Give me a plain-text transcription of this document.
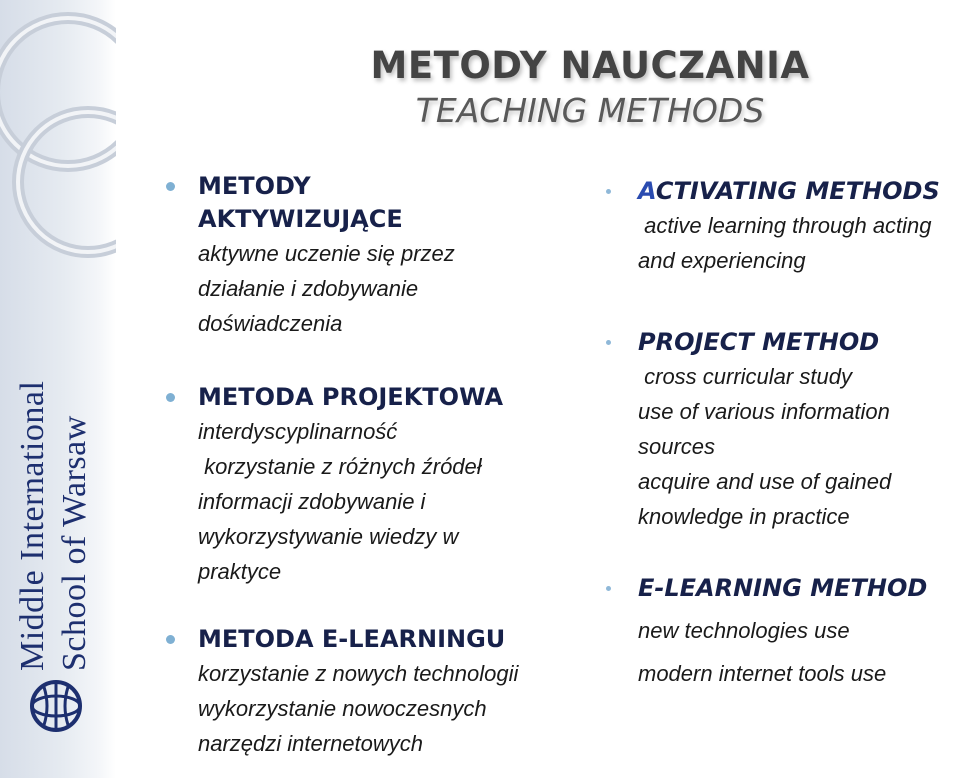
Middle International School of Warsaw
METODY NAUCZANIA
TEACHING METHODS
METODY
AKTYWIZUJĄCE
aktywne uczenie się przez
działanie i zdobywanie
doświadczenia
METODA PROJEKTOWA
interdyscyplinarność
korzystanie z różnych źródeł
informacji zdobywanie i
wykorzystywanie wiedzy w
praktyce
METODA E-LEARNINGU
korzystanie z nowych technologii
wykorzystanie nowoczesnych
narzędzi internetowych
ACTIVATING METHODS
active learning through acting
and experiencing
PROJECT METHOD
cross curricular study
use of various information
sources
acquire and use of gained
knowledge in practice
E-LEARNING METHOD
new technologies use
modern internet tools use
